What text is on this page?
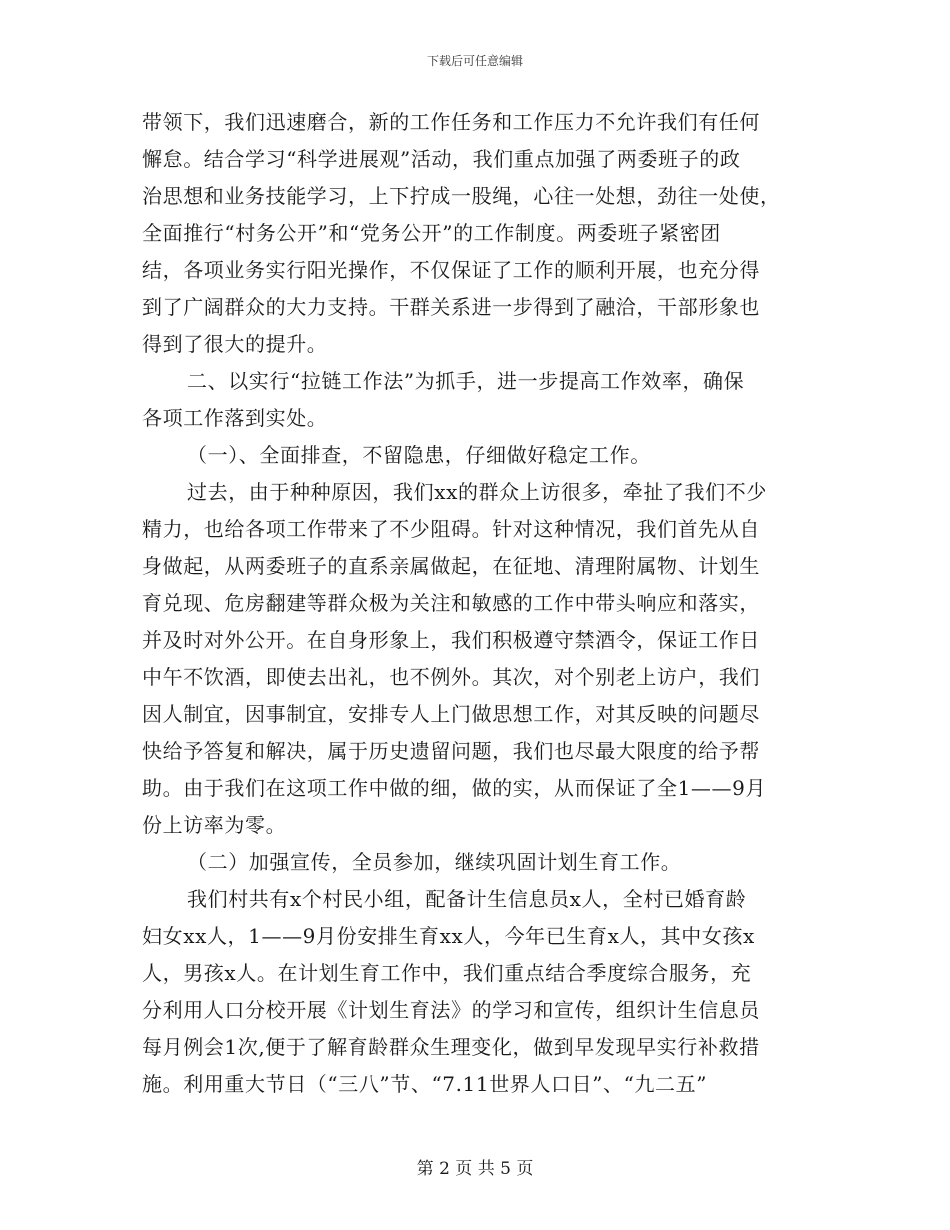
下载后可任意编辑
带领下，我们迅速磨合，新的工作任务和工作压力不允许我们有任何
懈怠。结合学习“科学进展观”活动，我们重点加强了两委班子的政
治思想和业务技能学习，上下拧成一股绳，心往一处想，劲往一处使，
全面推行“村务公开”和“党务公开”的工作制度。两委班子紧密团
结，各项业务实行阳光操作，不仅保证了工作的顺利开展，也充分得
到了广阔群众的大力支持。干群关系进一步得到了融洽，干部形象也
得到了很大的提升。
二、以实行“拉链工作法”为抓手，进一步提高工作效率，确保
各项工作落到实处。
（一）、全面排查，不留隐患，仔细做好稳定工作。
过去，由于种种原因，我们xx的群众上访很多，牵扯了我们不少
精力，也给各项工作带来了不少阻碍。针对这种情况，我们首先从自
身做起，从两委班子的直系亲属做起，在征地、清理附属物、计划生
育兑现、危房翻建等群众极为关注和敏感的工作中带头响应和落实，
并及时对外公开。在自身形象上，我们积极遵守禁酒令，保证工作日
中午不饮酒，即使去出礼，也不例外。其次，对个别老上访户，我们
因人制宜，因事制宜，安排专人上门做思想工作，对其反映的问题尽
快给予答复和解决，属于历史遗留问题，我们也尽最大限度的给予帮
助。由于我们在这项工作中做的细，做的实，从而保证了全1——9月
份上访率为零。
（二）加强宣传，全员参加，继续巩固计划生育工作。
我们村共有x个村民小组，配备计生信息员x人，全村已婚育龄
妇女xx人，1——9月份安排生育xx人，今年已生育x人，其中女孩x
人，男孩x人。在计划生育工作中，我们重点结合季度综合服务，充
分利用人口分校开展《计划生育法》的学习和宣传，组织计生信息员
每月例会1次,便于了解育龄群众生理变化，做到早发现早实行补救措
施。利用重大节日（“三八”节、“7.11世界人口日”、“九二五”
第 2 页 共 5 页
